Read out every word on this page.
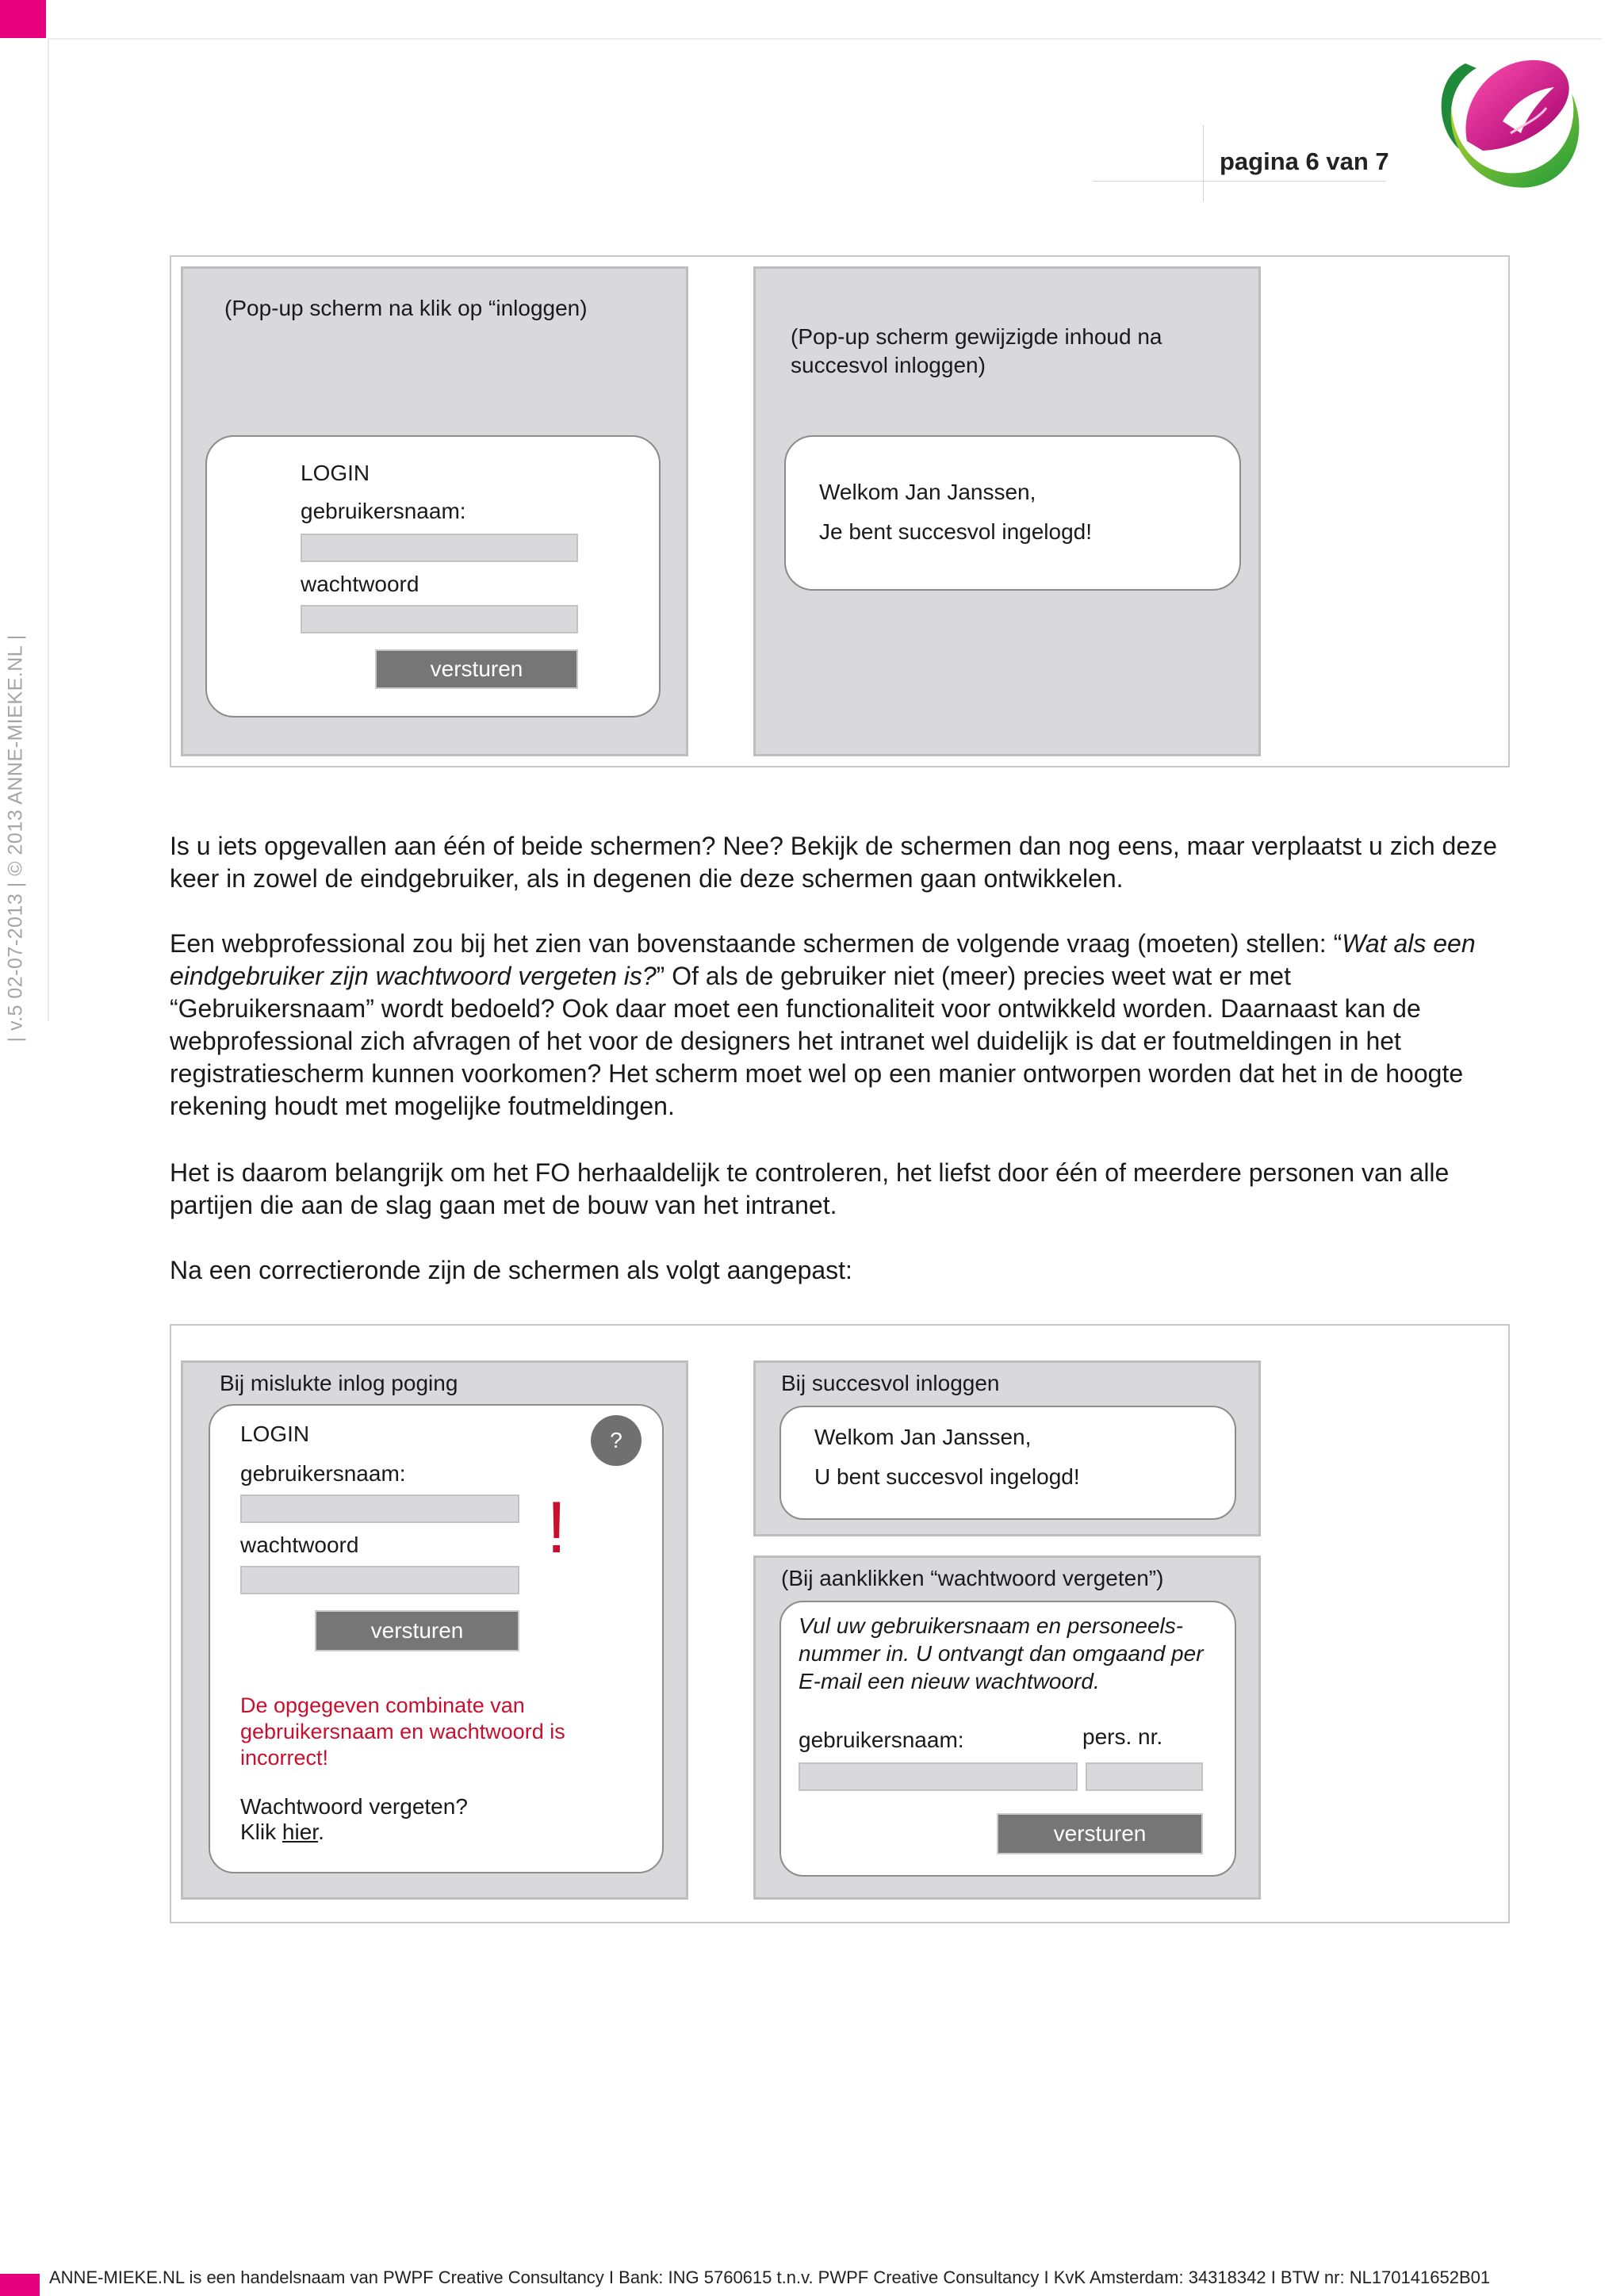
pagina 6 van 7
| v.5 02-07-2013 | © 2013 ANNE-MIEKE.NL |
(Pop-up scherm na klik op “inloggen)
LOGIN
gebruikersnaam:
wachtwoord
versturen
(Pop-up scherm gewijzigde inhoud na succesvol inloggen)
Welkom Jan Janssen,
Je bent succesvol ingelogd!

Is u iets opgevallen aan één of beide schermen? Nee? Bekijk de schermen dan nog eens, maar verplaatst u zich deze keer in zowel de eindgebruiker, als in degenen die deze schermen gaan ontwikkelen.

Een webprofessional zou bij het zien van bovenstaande schermen de volgende vraag (moeten) stellen: “Wat als een eindgebruiker zijn wachtwoord vergeten is?” Of als de gebruiker niet (meer) precies weet wat er met “Gebruikersnaam” wordt bedoeld? Ook daar moet een functionaliteit voor ontwikkeld worden. Daarnaast kan de webprofessional zich afvragen of het voor de designers het intranet wel duidelijk is dat er foutmeldingen in het registratiescherm kunnen voorkomen? Het scherm moet wel op een manier ontworpen worden dat het in de hoogte rekening houdt met mogelijke foutmeldingen.

Het is daarom belangrijk om het FO herhaaldelijk te controleren, het liefst door één of meerdere personen van alle partijen die aan de slag gaan met de bouw van het intranet.

Na een correctieronde zijn de schermen als volgt aangepast:

Bij mislukte inlog poging
LOGIN	?
gebruikersnaam:
!
wachtwoord
versturen
De opgegeven combinate van gebruikersnaam en wachtwoord is incorrect!
Wachtwoord vergeten?
Klik hier.
Bij succesvol inloggen
Welkom Jan Janssen,
U bent succesvol ingelogd!
(Bij aanklikken “wachtwoord vergeten”)
Vul uw gebruikersnaam en personeels- nummer in. U ontvangt dan omgaand per E-mail een nieuw wachtwoord.
gebruikersnaam:	pers. nr.
versturen
ANNE-MIEKE.NL is een handelsnaam van PWPF Creative Consultancy I Bank: ING 5760615 t.n.v. PWPF Creative Consultancy I KvK Amsterdam: 34318342 I BTW nr: NL170141652B01
